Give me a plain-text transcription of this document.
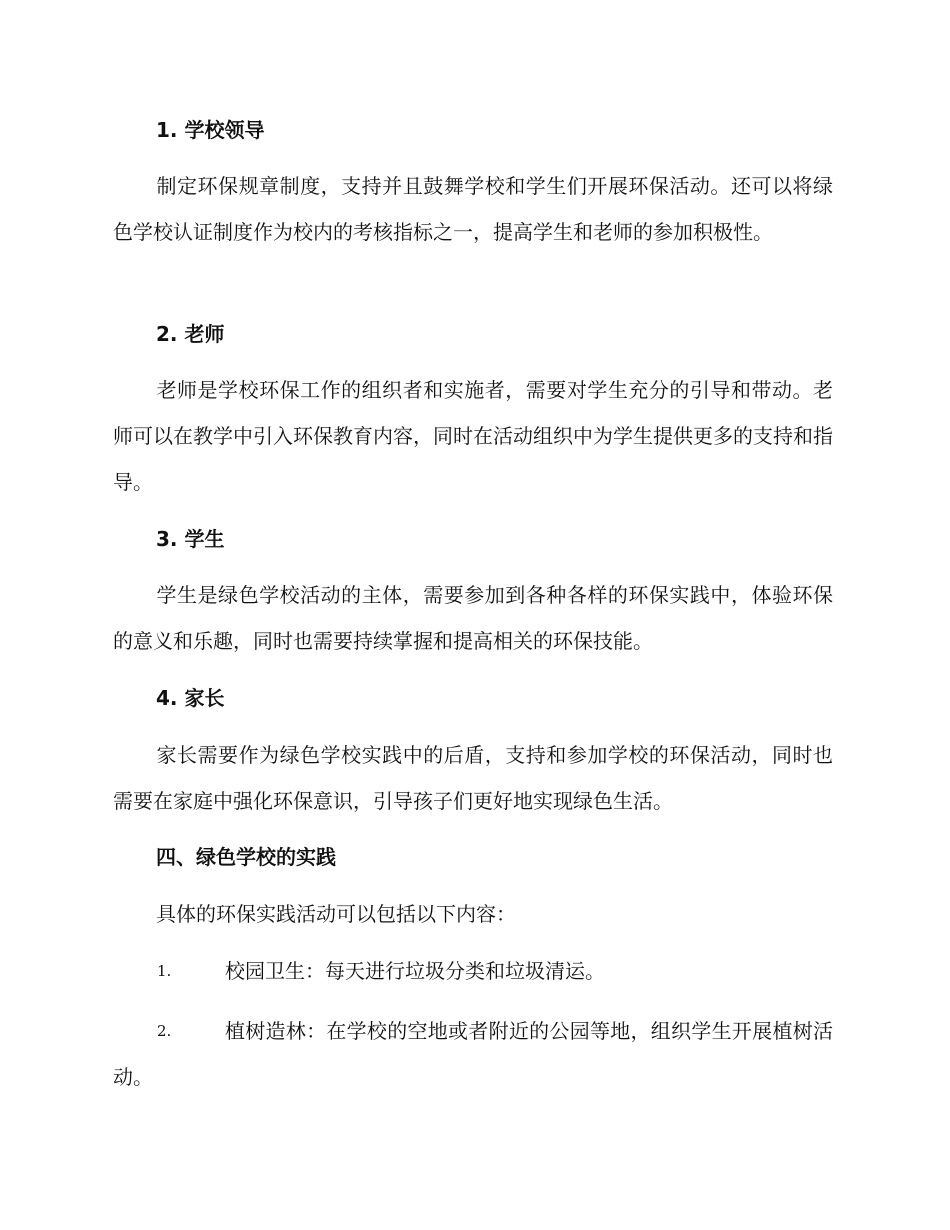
1. 学校领导
制定环保规章制度，支持并且鼓舞学校和学生们开展环保活动。还可以将绿色学校认证制度作为校内的考核指标之一，提高学生和老师的参加积极性。
2. 老师
老师是学校环保工作的组织者和实施者，需要对学生充分的引导和带动。老师可以在教学中引入环保教育内容，同时在活动组织中为学生提供更多的支持和指导。
3. 学生
学生是绿色学校活动的主体，需要参加到各种各样的环保实践中，体验环保的意义和乐趣，同时也需要持续掌握和提高相关的环保技能。
4. 家长
家长需要作为绿色学校实践中的后盾，支持和参加学校的环保活动，同时也需要在家庭中强化环保意识，引导孩子们更好地实现绿色生活。
四、绿色学校的实践
具体的环保实践活动可以包括以下内容：
1.	校园卫生：每天进行垃圾分类和垃圾清运。
2.	植树造林：在学校的空地或者附近的公园等地，组织学生开展植树活动。
